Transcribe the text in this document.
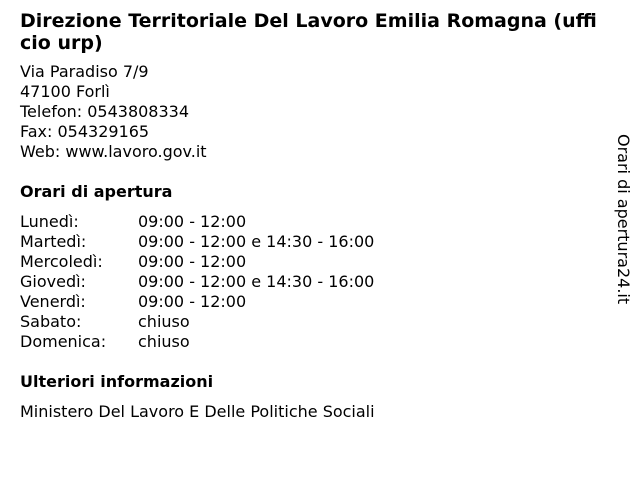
Direzione Territoriale Del Lavoro Emilia Romagna (ufficio urp)
Via Paradiso 7/9
47100 Forlì
Telefon: 0543808334
Fax: 054329165
Web: www.lavoro.gov.it
Orari di apertura
Lunedì:	09:00 - 12:00
Martedì:	09:00 - 12:00 e 14:30 - 16:00
Mercoledì:	09:00 - 12:00
Giovedì:	09:00 - 12:00 e 14:30 - 16:00
Venerdì:	09:00 - 12:00
Sabato:	chiuso
Domenica:	chiuso
Ulteriori informazioni
Ministero Del Lavoro E Delle Politiche Sociali
Orari di apertura24.it
